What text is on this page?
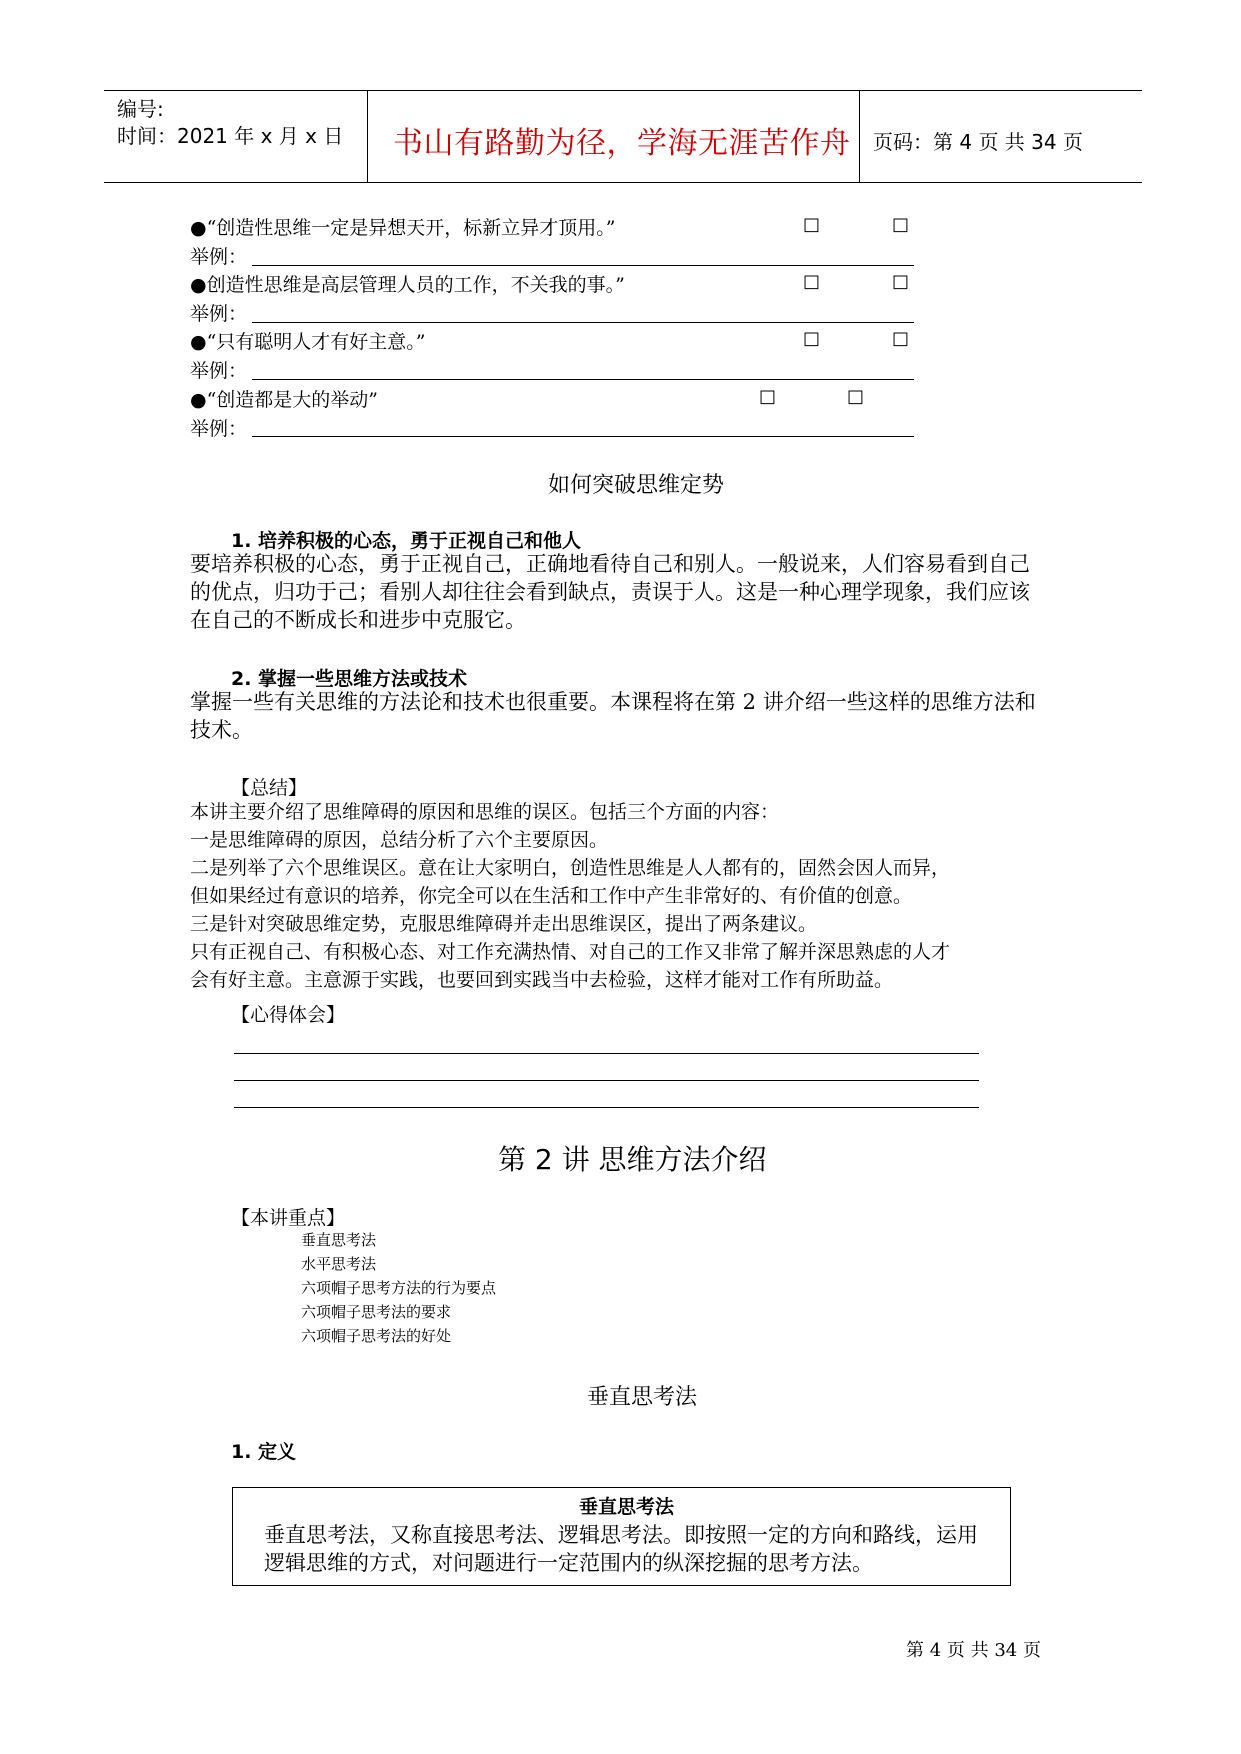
编号:
时间：2021 年 x 月 x 日 书山有路勤为径，学海无涯苦作舟 页码：第 4 页 共 34 页
●“创造性思维一定是异想天开，标新立异才顶用。”	□	□
举例：
●创造性思维是高层管理人员的工作，不关我的事。”	□	□
举例：
●“只有聪明人才有好主意。”	□	□
举例：
●“创造都是大的举动”	□	□
举例：
如何突破思维定势
1. 培养积极的心态，勇于正视自己和他人
要培养积极的心态，勇于正视自己，正确地看待自己和别人。一般说来，人们容易看到自己
的优点，归功于己；看别人却往往会看到缺点，责误于人。这是一种心理学现象，我们应该
在自己的不断成长和进步中克服它。
2. 掌握一些思维方法或技术
掌握一些有关思维的方法论和技术也很重要。本课程将在第 2 讲介绍一些这样的思维方法和
技术。
【总结】
本讲主要介绍了思维障碍的原因和思维的误区。包括三个方面的内容：
一是思维障碍的原因，总结分析了六个主要原因。
二是列举了六个思维误区。意在让大家明白，创造性思维是人人都有的，固然会因人而异，
但如果经过有意识的培养，你完全可以在生活和工作中产生非常好的、有价值的创意。
三是针对突破思维定势，克服思维障碍并走出思维误区，提出了两条建议。
只有正视自己、有积极心态、对工作充满热情、对自己的工作又非常了解并深思熟虑的人才
会有好主意。主意源于实践，也要回到实践当中去检验，这样才能对工作有所助益。
【心得体会】
第 2 讲 思维方法介绍
【本讲重点】
垂直思考法
水平思考法
六项帽子思考方法的行为要点
六项帽子思考法的要求
六项帽子思考法的好处
垂直思考法
1. 定义
垂直思考法
垂直思考法，又称直接思考法、逻辑思考法。即按照一定的方向和路线，运用
逻辑思维的方式，对问题进行一定范围内的纵深挖掘的思考方法。
第 4 页 共 34 页
